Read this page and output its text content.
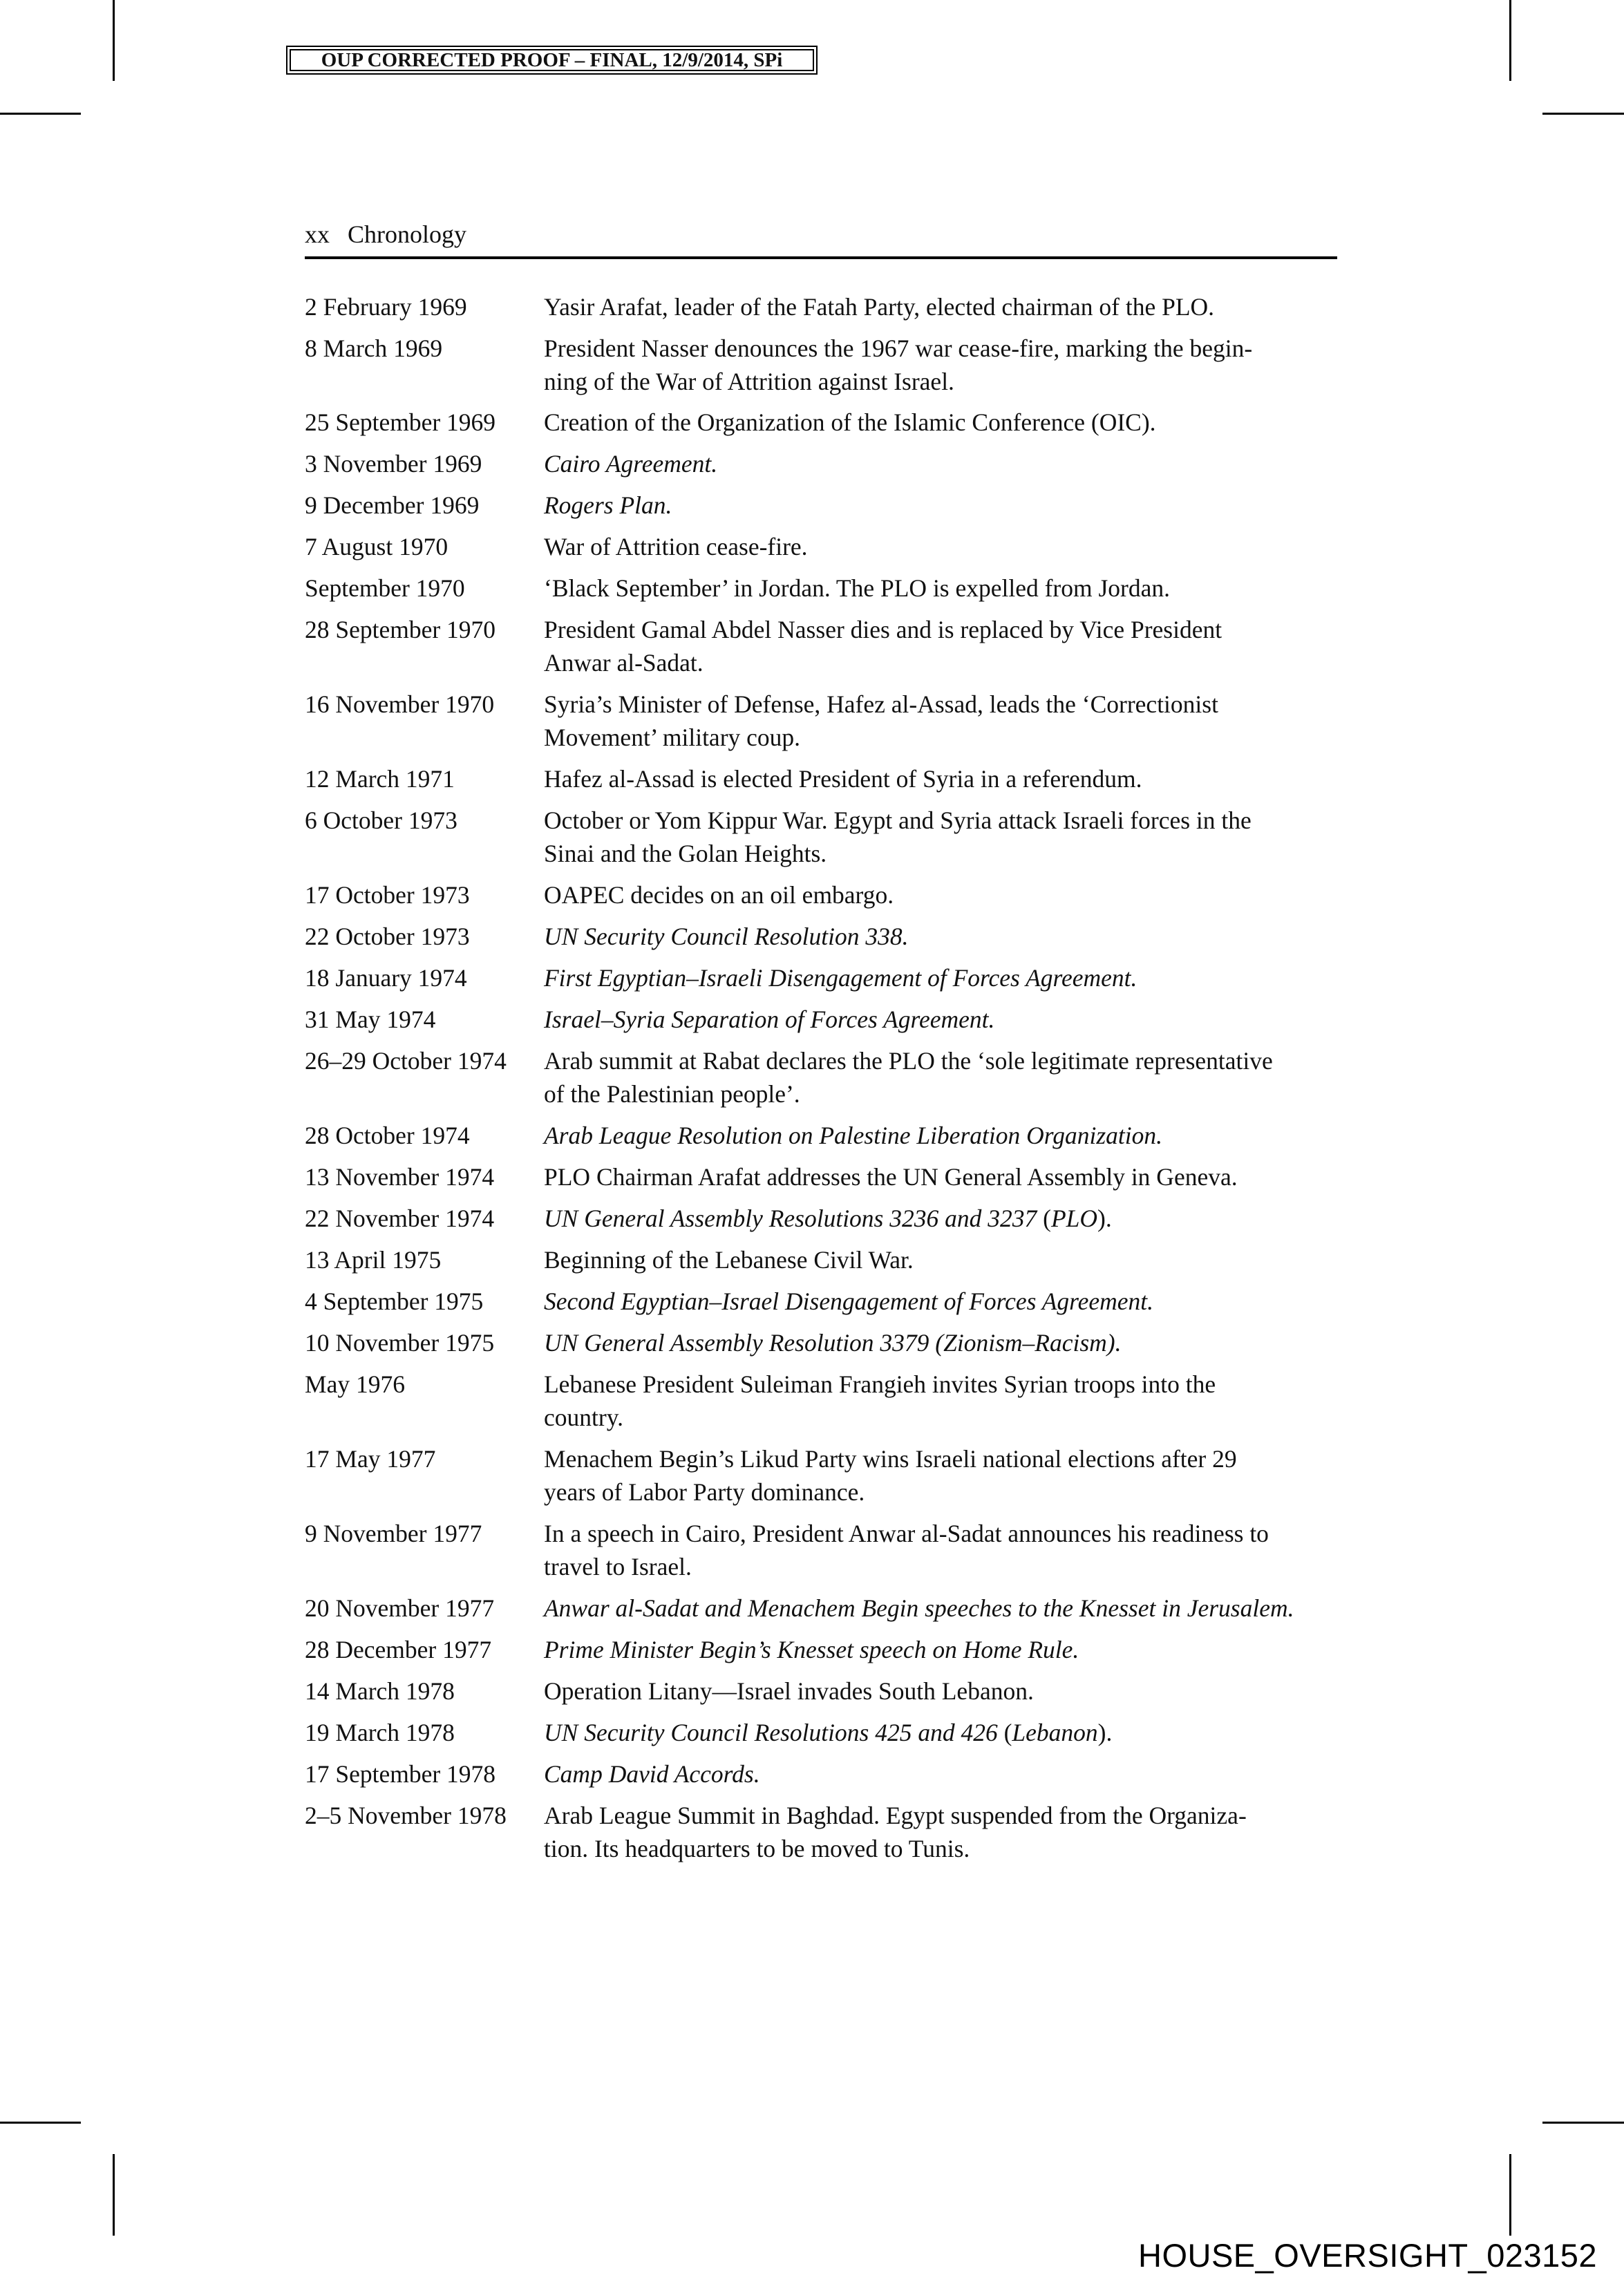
OUP CORRECTED PROOF – FINAL, 12/9/2014, SPi
xx Chronology
2 February 1969	Yasir Arafat, leader of the Fatah Party, elected chairman of the PLO.
8 March 1969	President Nasser denounces the 1967 war cease-fire, marking the begin-
ning of the War of Attrition against Israel.
25 September 1969 Creation of the Organization of the Islamic Conference (OIC).
3 November 1969	Cairo Agreement.
9 December 1969	Rogers Plan.
7 August 1970	War of Attrition cease-fire.
September 1970	‘Black September’ in Jordan. The PLO is expelled from Jordan.
28 September 1970 President Gamal Abdel Nasser dies and is replaced by Vice President
Anwar al-Sadat.
16 November 1970 Syria’s Minister of Defense, Hafez al-Assad, leads the ‘Correctionist
Movement’ military coup.
12 March 1971	Hafez al-Assad is elected President of Syria in a referendum.
6 October 1973	October or Yom Kippur War. Egypt and Syria attack Israeli forces in the
Sinai and the Golan Heights.
17 October 1973	OAPEC decides on an oil embargo.
22 October 1973	UN Security Council Resolution 338.
18 January 1974	First Egyptian–Israeli Disengagement of Forces Agreement.
31 May 1974	Israel–Syria Separation of Forces Agreement.
26–29 October 1974 Arab summit at Rabat declares the PLO the ‘sole legitimate representative
of the Palestinian people’.
28 October 1974	Arab League Resolution on Palestine Liberation Organization.
13 November 1974 PLO Chairman Arafat addresses the UN General Assembly in Geneva.
22 November 1974 UN General Assembly Resolutions 3236 and 3237 (PLO).
13 April 1975	Beginning of the Lebanese Civil War.
4 September 1975 Second Egyptian–Israel Disengagement of Forces Agreement.
10 November 1975 UN General Assembly Resolution 3379 (Zionism–Racism).
May 1976	Lebanese President Suleiman Frangieh invites Syrian troops into the
country.
17 May 1977	Menachem Begin’s Likud Party wins Israeli national elections after 29
years of Labor Party dominance.
9 November 1977	In a speech in Cairo, President Anwar al-Sadat announces his readiness to
travel to Israel.
20 November 1977 Anwar al-Sadat and Menachem Begin speeches to the Knesset in Jerusalem.
28 December 1977 Prime Minister Begin’s Knesset speech on Home Rule.
14 March 1978	Operation Litany—Israel invades South Lebanon.
19 March 1978	UN Security Council Resolutions 425 and 426 (Lebanon).
17 September 1978 Camp David Accords.
2–5 November 1978 Arab League Summit in Baghdad. Egypt suspended from the Organiza-
tion. Its headquarters to be moved to Tunis.
HOUSE_OVERSIGHT_023152
